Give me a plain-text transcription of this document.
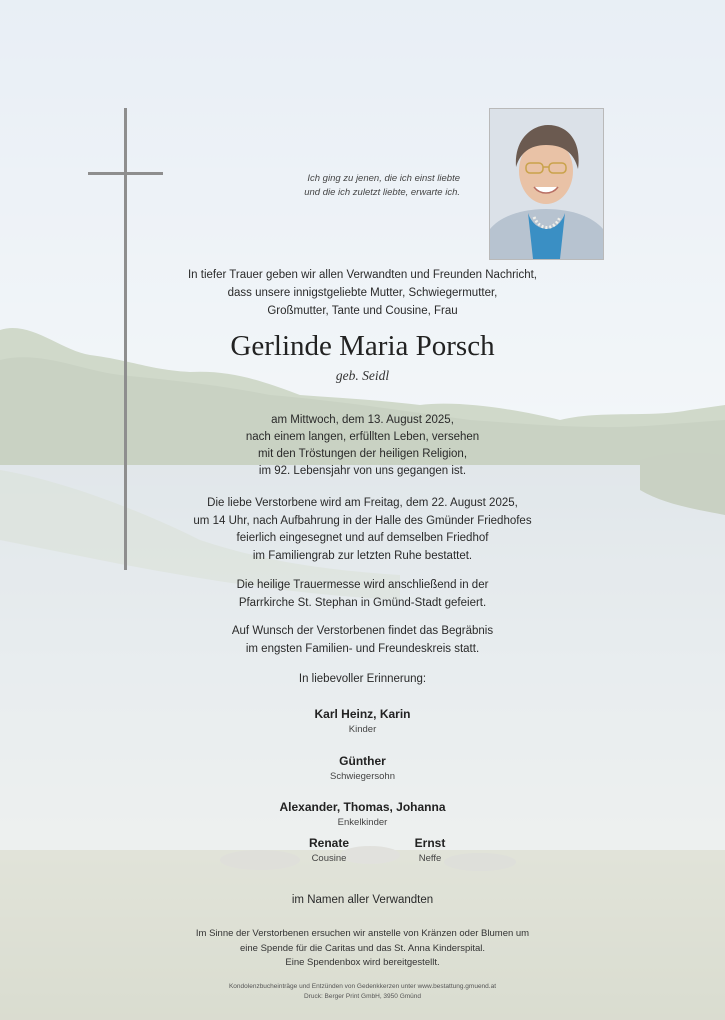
Ich ging zu jenen, die ich einst liebte
und die ich zuletzt liebte, erwarte ich.
In tiefer Trauer geben wir allen Verwandten und Freunden Nachricht,
dass unsere innigstgeliebte Mutter, Schwiegermutter,
Großmutter, Tante und Cousine, Frau
Gerlinde Maria Porsch
geb. Seidl
am Mittwoch, dem 13. August 2025,
nach einem langen, erfüllten Leben, versehen
mit den Tröstungen der heiligen Religion,
im 92. Lebensjahr von uns gegangen ist.
Die liebe Verstorbene wird am Freitag, dem 22. August 2025,
um 14 Uhr, nach Aufbahrung in der Halle des Gmünder Friedhofes
feierlich eingesegnet und auf demselben Friedhof
im Familiengrab zur letzten Ruhe bestattet.
Die heilige Trauermesse wird anschließend in der
Pfarrkirche St. Stephan in Gmünd-Stadt gefeiert.
Auf Wunsch der Verstorbenen findet das Begräbnis
im engsten Familien- und Freundeskreis statt.
In liebevoller Erinnerung:
Karl Heinz, Karin
Kinder
Günther
Schwiegersohn
Alexander, Thomas, Johanna
Enkelkinder
Renate
Cousine
Ernst
Neffe
im Namen aller Verwandten
Im Sinne der Verstorbenen ersuchen wir anstelle von Kränzen oder Blumen um
eine Spende für die Caritas und das St. Anna Kinderspital.
Eine Spendenbox wird bereitgestellt.
Kondolenzbucheinträge und Entzünden von Gedenkkerzen unter www.bestattung.gmuend.at
Druck: Berger Print GmbH, 3950 Gmünd
